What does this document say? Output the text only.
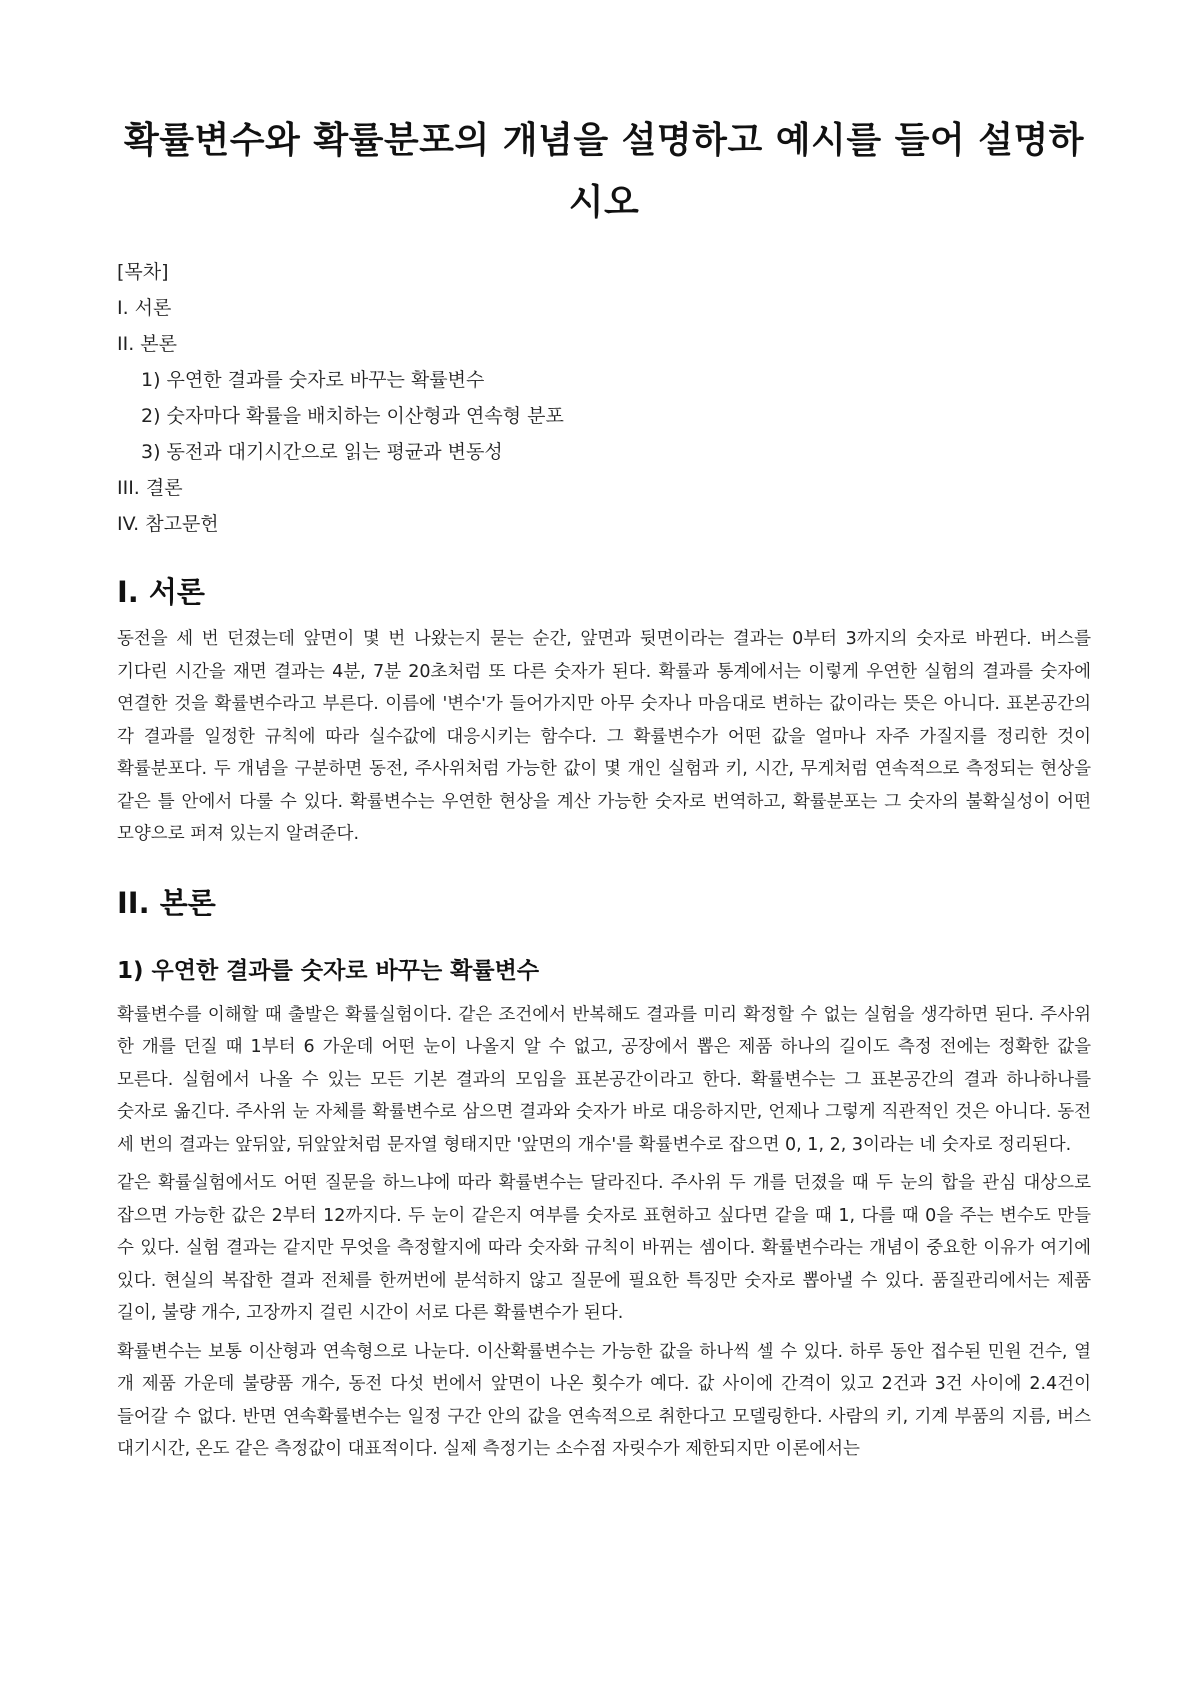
확률변수와 확률분포의 개념을 설명하고 예시를 들어 설명하시오
[목차]
I. 서론
II. 본론
1) 우연한 결과를 숫자로 바꾸는 확률변수
2) 숫자마다 확률을 배치하는 이산형과 연속형 분포
3) 동전과 대기시간으로 읽는 평균과 변동성
III. 결론
IV. 참고문헌
I. 서론

동전을 세 번 던졌는데 앞면이 몇 번 나왔는지 묻는 순간, 앞면과 뒷면이라는 결과는 0부터 3까지의 숫자로 바뀐다. 버스를 기다린 시간을 재면 결과는 4분, 7분 20초처럼 또 다른 숫자가 된다. 확률과 통계에서는 이렇게 우연한 실험의 결과를 숫자에 연결한 것을 확률변수라고 부른다. 이름에 '변수'가 들어가지만 아무 숫자나 마음대로 변하는 값이라는 뜻은 아니다. 표본공간의 각 결과를 일정한 규칙에 따라 실수값에 대응시키는 함수다. 그 확률변수가 어떤 값을 얼마나 자주 가질지를 정리한 것이 확률분포다. 두 개념을 구분하면 동전, 주사위처럼 가능한 값이 몇 개인 실험과 키, 시간, 무게처럼 연속적으로 측정되는 현상을 같은 틀 안에서 다룰 수 있다. 확률변수는 우연한 현상을 계산 가능한 숫자로 번역하고, 확률분포는 그 숫자의 불확실성이 어떤 모양으로 퍼져 있는지 알려준다.

II. 본론
1) 우연한 결과를 숫자로 바꾸는 확률변수

확률변수를 이해할 때 출발은 확률실험이다. 같은 조건에서 반복해도 결과를 미리 확정할 수 없는 실험을 생각하면 된다. 주사위 한 개를 던질 때 1부터 6 가운데 어떤 눈이 나올지 알 수 없고, 공장에서 뽑은 제품 하나의 길이도 측정 전에는 정확한 값을 모른다. 실험에서 나올 수 있는 모든 기본 결과의 모임을 표본공간이라고 한다. 확률변수는 그 표본공간의 결과 하나하나를 숫자로 옮긴다. 주사위 눈 자체를 확률변수로 삼으면 결과와 숫자가 바로 대응하지만, 언제나 그렇게 직관적인 것은 아니다. 동전 세 번의 결과는 앞뒤앞, 뒤앞앞처럼 문자열 형태지만 '앞면의 개수'를 확률변수로 잡으면 0, 1, 2, 3이라는 네 숫자로 정리된다.

같은 확률실험에서도 어떤 질문을 하느냐에 따라 확률변수는 달라진다. 주사위 두 개를 던졌을 때 두 눈의 합을 관심 대상으로 잡으면 가능한 값은 2부터 12까지다. 두 눈이 같은지 여부를 숫자로 표현하고 싶다면 같을 때 1, 다를 때 0을 주는 변수도 만들 수 있다. 실험 결과는 같지만 무엇을 측정할지에 따라 숫자화 규칙이 바뀌는 셈이다. 확률변수라는 개념이 중요한 이유가 여기에 있다. 현실의 복잡한 결과 전체를 한꺼번에 분석하지 않고 질문에 필요한 특징만 숫자로 뽑아낼 수 있다. 품질관리에서는 제품 길이, 불량 개수, 고장까지 걸린 시간이 서로 다른 확률변수가 된다.

확률변수는 보통 이산형과 연속형으로 나눈다. 이산확률변수는 가능한 값을 하나씩 셀 수 있다. 하루 동안 접수된 민원 건수, 열 개 제품 가운데 불량품 개수, 동전 다섯 번에서 앞면이 나온 횟수가 예다. 값 사이에 간격이 있고 2건과 3건 사이에 2.4건이 들어갈 수 없다. 반면 연속확률변수는 일정 구간 안의 값을 연속적으로 취한다고 모델링한다. 사람의 키, 기계 부품의 지름, 버스 대기시간, 온도 같은 측정값이 대표적이다. 실제 측정기는 소수점 자릿수가 제한되지만 이론에서는
